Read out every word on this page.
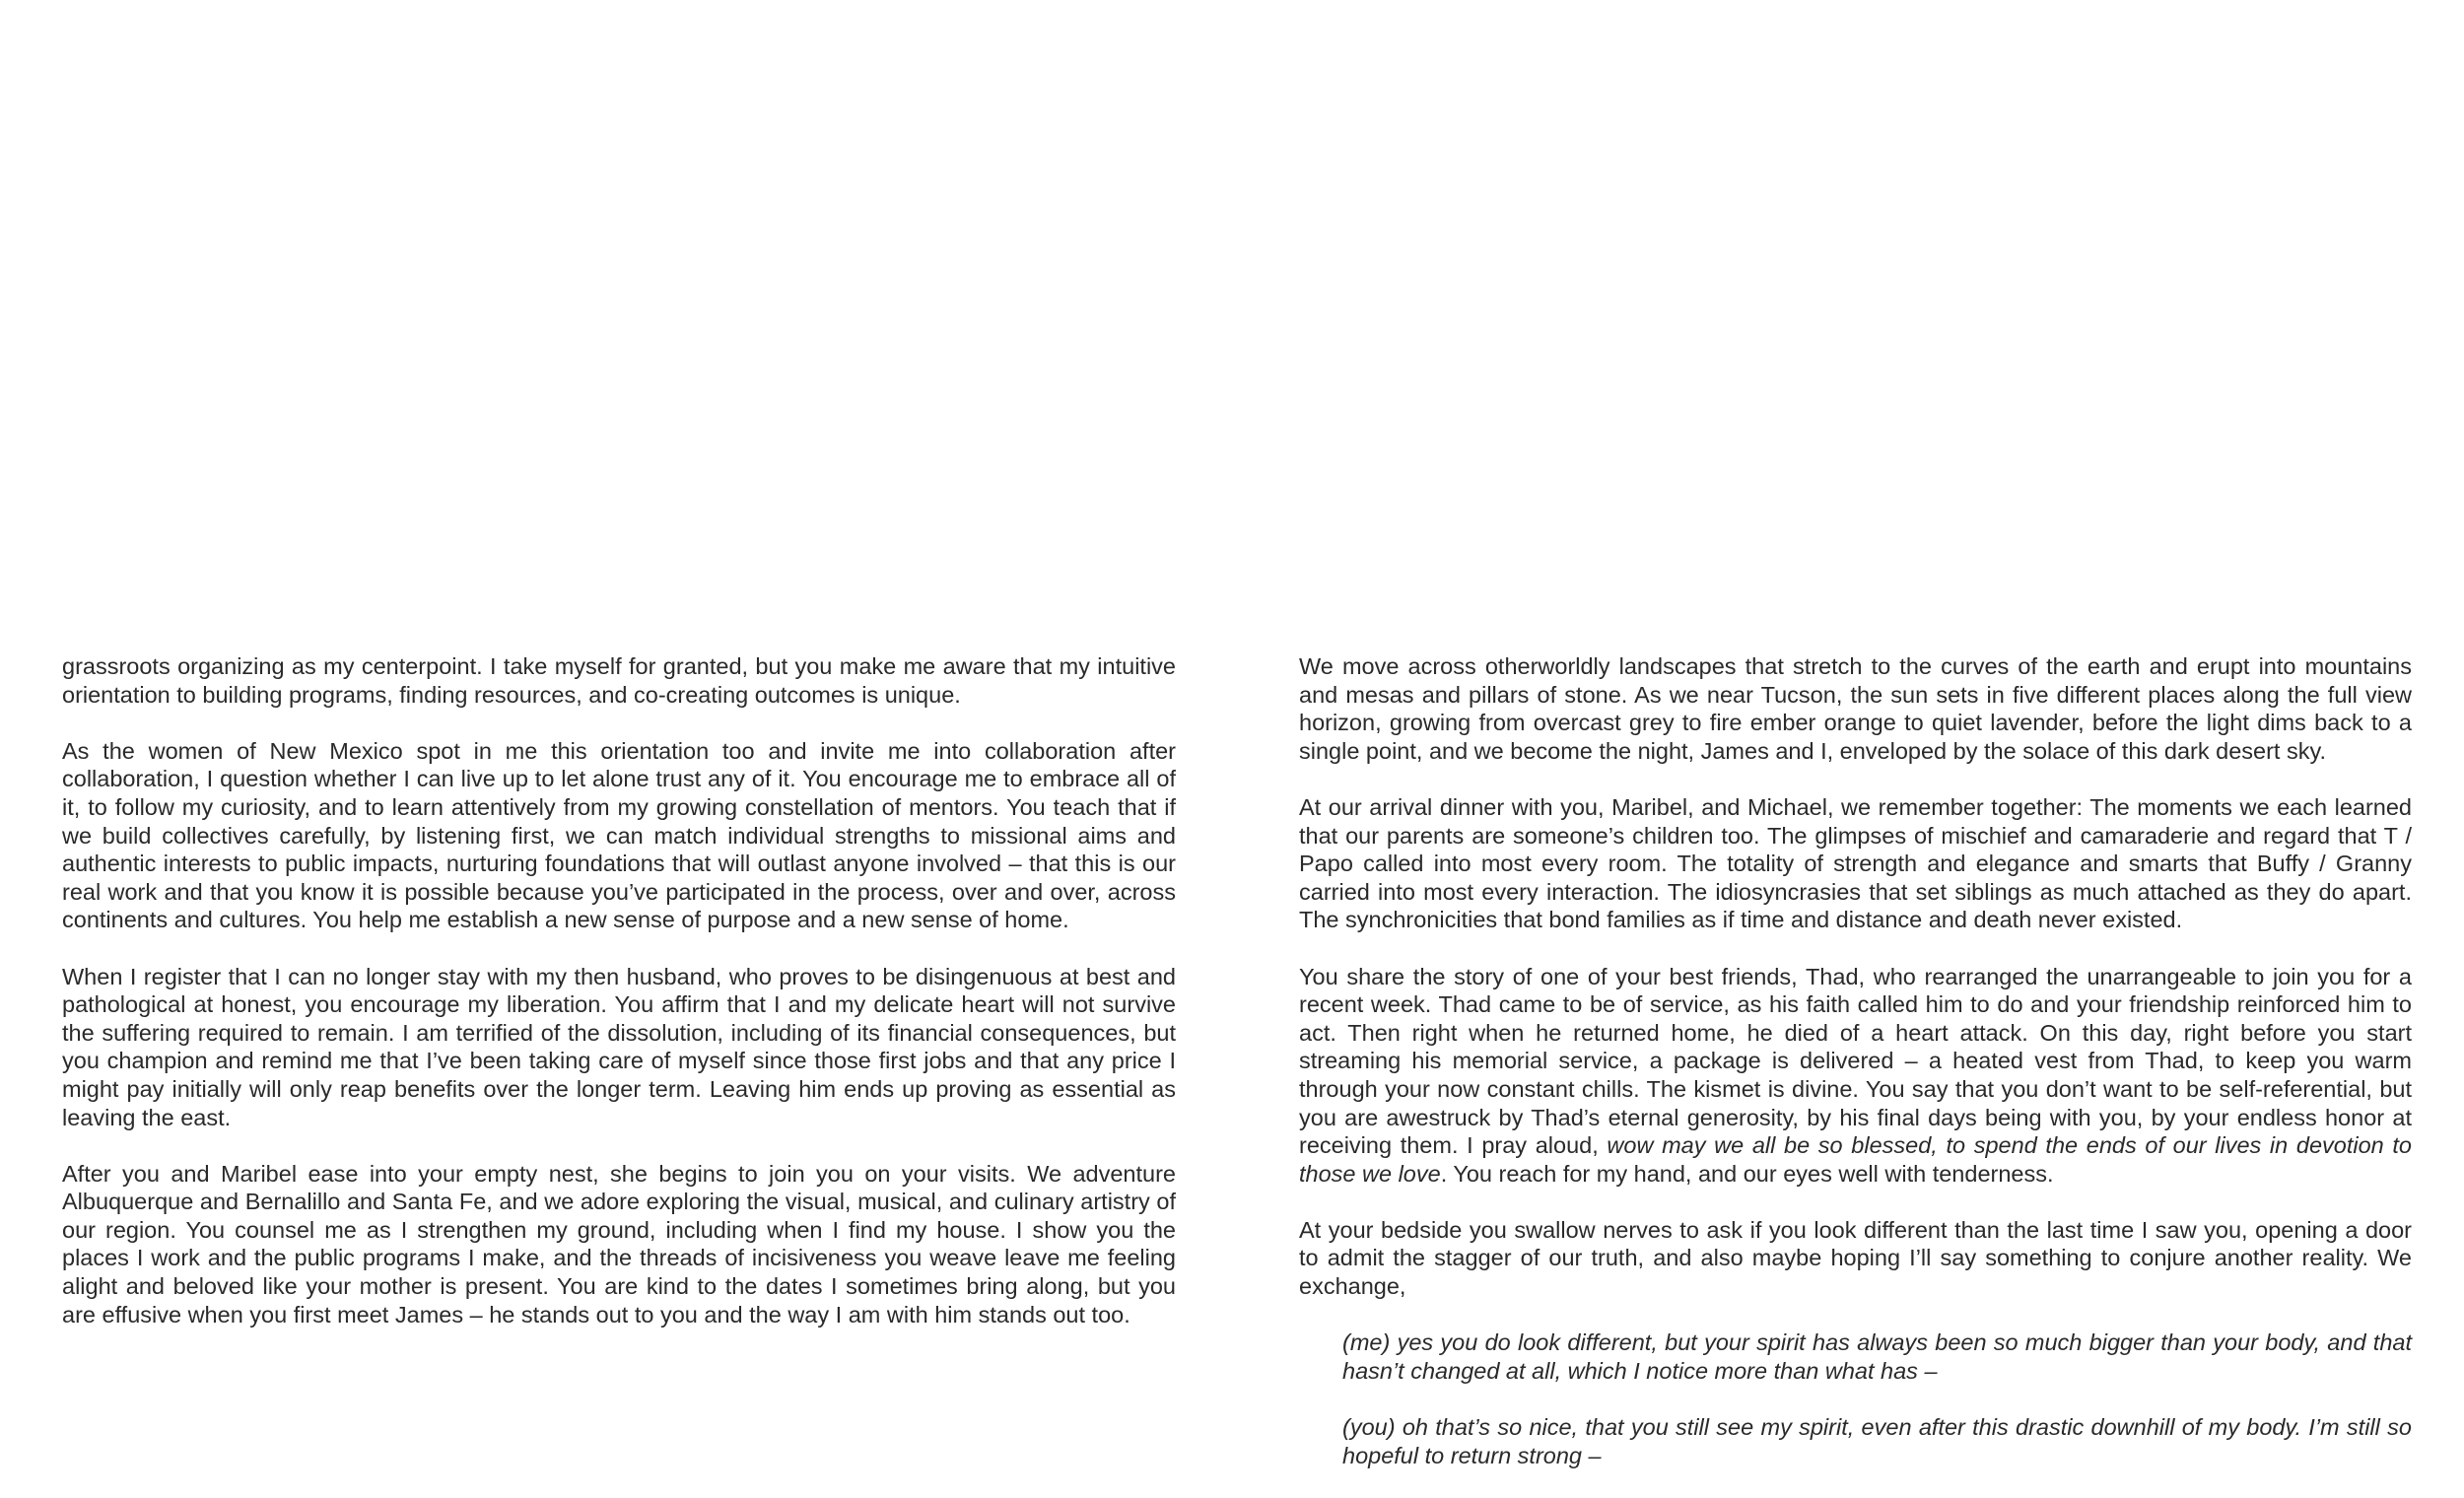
grassroots organizing as my centerpoint. I take myself for granted, but you make me aware that my intuitive orientation to building programs, finding resources, and co-creating outcomes is unique.

As the women of New Mexico spot in me this orientation too and invite me into collaboration after collaboration, I question whether I can live up to let alone trust any of it. You encourage me to embrace all of it, to follow my curiosity, and to learn attentively from my growing constellation of mentors. You teach that if we build collectives carefully, by listening first, we can match individual strengths to missional aims and authentic interests to public impacts, nurturing foundations that will outlast anyone involved – that this is our real work and that you know it is possible because you’ve participated in the process, over and over, across continents and cultures. You help me establish a new sense of purpose and a new sense of home.

When I register that I can no longer stay with my then husband, who proves to be disingenuous at best and pathological at honest, you encourage my liberation. You affirm that I and my delicate heart will not survive the suffering required to remain. I am terrified of the dissolution, including of its financial consequences, but you champion and remind me that I’ve been taking care of myself since those first jobs and that any price I might pay initially will only reap benefits over the longer term. Leaving him ends up proving as essential as leaving the east.

After you and Maribel ease into your empty nest, she begins to join you on your visits. We adventure Albuquerque and Bernalillo and Santa Fe, and we adore exploring the visual, musical, and culinary artistry of our region. You counsel me as I strengthen my ground, including when I find my house. I show you the places I work and the public programs I make, and the threads of incisiveness you weave leave me feeling alight and beloved like your mother is present. You are kind to the dates I sometimes bring along, but you are effusive when you first meet James – he stands out to you and the way I am with him stands out too.

We move across otherworldly landscapes that stretch to the curves of the earth and erupt into mountains and mesas and pillars of stone. As we near Tucson, the sun sets in five different places along the full view horizon, growing from overcast grey to fire ember orange to quiet lavender, before the light dims back to a single point, and we become the night, James and I, enveloped by the solace of this dark desert sky.

At our arrival dinner with you, Maribel, and Michael, we remember together: The moments we each learned that our parents are someone’s children too. The glimpses of mischief and camaraderie and regard that T / Papo called into most every room. The totality of strength and elegance and smarts that Buffy / Granny carried into most every interaction. The idiosyncrasies that set siblings as much attached as they do apart. The synchronicities that bond families as if time and distance and death never existed.

You share the story of one of your best friends, Thad, who rearranged the unarrangeable to join you for a recent week. Thad came to be of service, as his faith called him to do and your friendship reinforced him to act. Then right when he returned home, he died of a heart attack. On this day, right before you start streaming his memorial service, a package is delivered – a heated vest from Thad, to keep you warm through your now constant chills. The kismet is divine. You say that you don’t want to be self-referential, but you are awestruck by Thad’s eternal generosity, by his final days being with you, by your endless honor at receiving them. I pray aloud, wow may we all be so blessed, to spend the ends of our lives in devotion to those we love. You reach for my hand, and our eyes well with tenderness.

At your bedside you swallow nerves to ask if you look different than the last time I saw you, opening a door to admit the stagger of our truth, and also maybe hoping I’ll say something to conjure another reality. We exchange,

(me) yes you do look different, but your spirit has always been so much bigger than your body, and that hasn’t changed at all, which I notice more than what has –

(you) oh that’s so nice, that you still see my spirit, even after this drastic downhill of my body. I’m still so hopeful to return strong –
